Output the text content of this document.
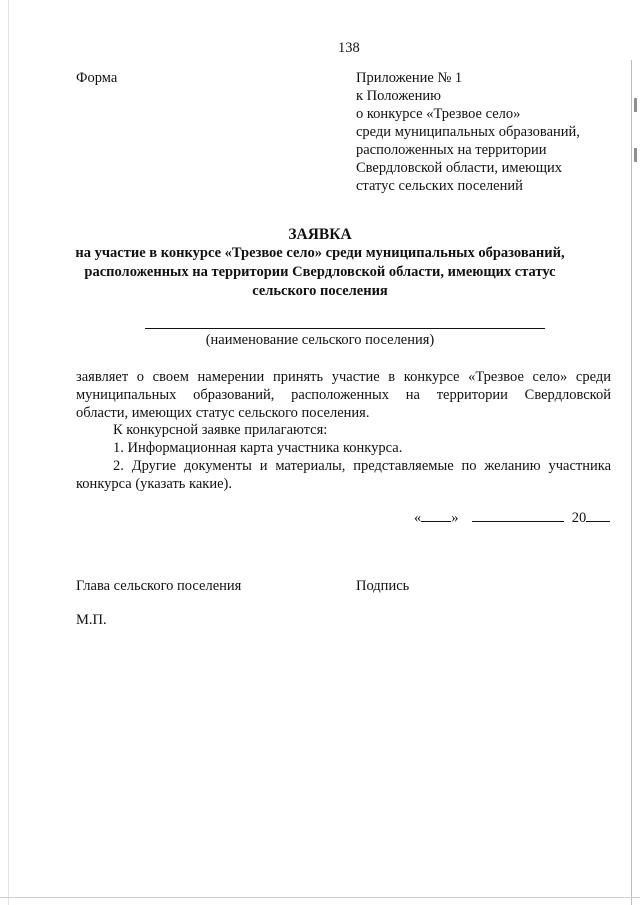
138
Форма	Приложение № 1
к Положению
о конкурсе «Трезвое село»
среди муниципальных образований,
расположенных на территории
Свердловской области, имеющих
статус сельских поселений
ЗАЯВКА
на участие в конкурсе «Трезвое село» среди муниципальных образований,
расположенных на территории Свердловской области, имеющих статус
сельского поселения
(наименование сельского поселения)
заявляет о своем намерении принять участие в конкурсе «Трезвое село» среди
муниципальных образований, расположенных на территории Свердловской
области, имеющих статус сельского поселения.
К конкурсной заявке прилагаются:
1. Информационная карта участника конкурса.
2. Другие документы и материалы, представляемые по желанию участника
конкурса (указать какие).
« »	20
Глава сельского поселения	Подпись
М.П.
